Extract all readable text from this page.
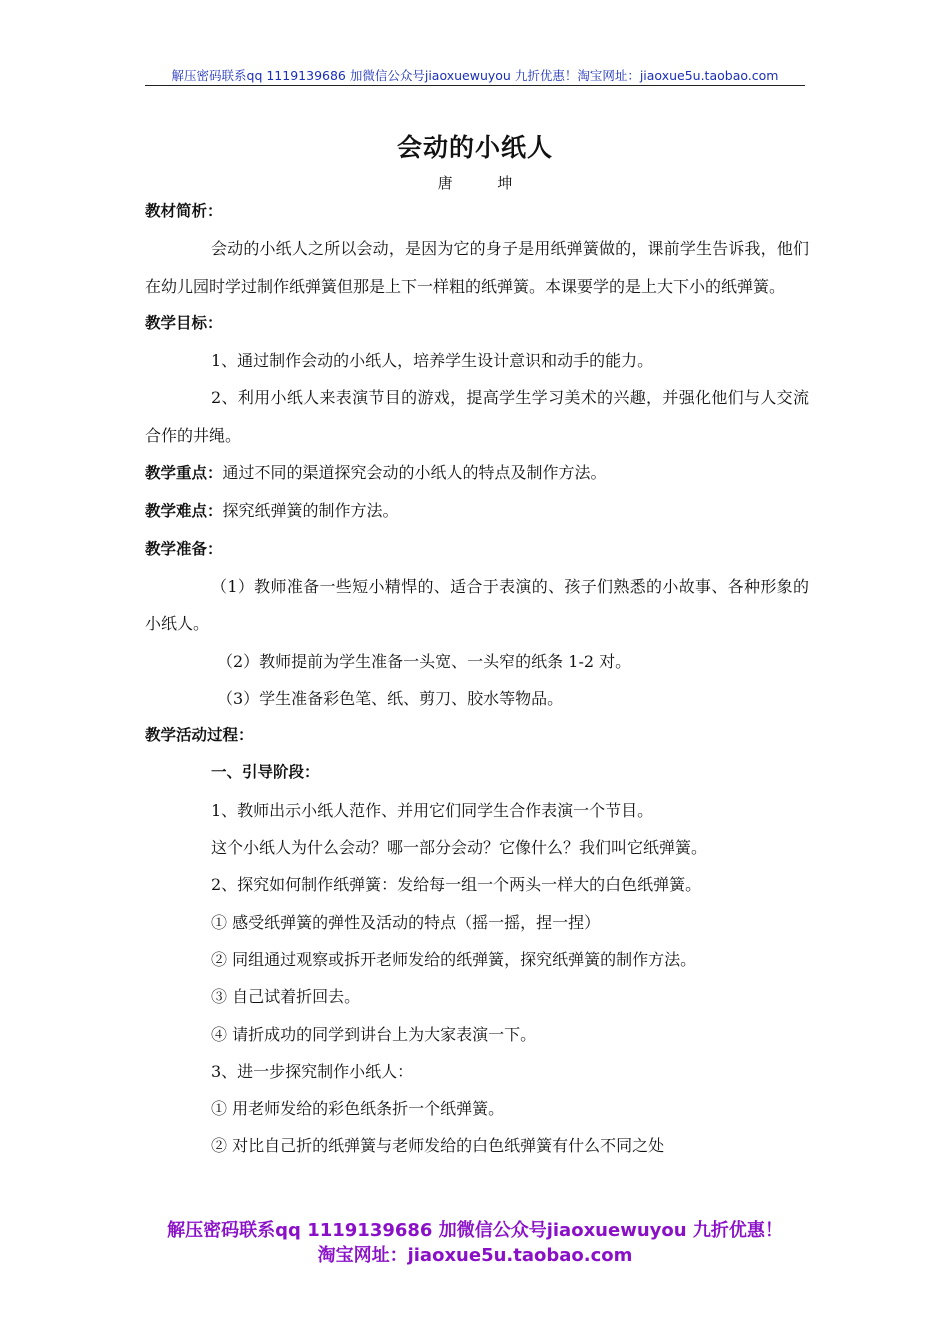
解压密码联系qq 1119139686 加微信公众号jiaoxuewuyou 九折优惠！淘宝网址：jiaoxue5u.taobao.com
会动的小纸人
唐 坤

教材简析：

会动的小纸人之所以会动，是因为它的身子是用纸弹簧做的，课前学生告诉我，他们在幼儿园时学过制作纸弹簧但那是上下一样粗的纸弹簧。本课要学的是上大下小的纸弹簧。

教学目标：

1、通过制作会动的小纸人，培养学生设计意识和动手的能力。

2、利用小纸人来表演节目的游戏，提高学生学习美术的兴趣，并强化他们与人交流合作的井绳。

教学重点：通过不同的渠道探究会动的小纸人的特点及制作方法。

教学难点：探究纸弹簧的制作方法。

教学准备：

（1）教师准备一些短小精悍的、适合于表演的、孩子们熟悉的小故事、各种形象的小纸人。

（2）教师提前为学生准备一头宽、一头窄的纸条 1-2 对。

（3）学生准备彩色笔、纸、剪刀、胶水等物品。

教学活动过程：

一、引导阶段：

1、教师出示小纸人范作、并用它们同学生合作表演一个节目。

这个小纸人为什么会动？哪一部分会动？它像什么？我们叫它纸弹簧。

2、探究如何制作纸弹簧：发给每一组一个两头一样大的白色纸弹簧。

① 感受纸弹簧的弹性及活动的特点（摇一摇，捏一捏）

② 同组通过观察或拆开老师发给的纸弹簧，探究纸弹簧的制作方法。

③ 自己试着折回去。

④ 请折成功的同学到讲台上为大家表演一下。

3、进一步探究制作小纸人：

① 用老师发给的彩色纸条折一个纸弹簧。

② 对比自己折的纸弹簧与老师发给的白色纸弹簧有什么不同之处

解压密码联系qq 1119139686 加微信公众号jiaoxuewuyou 九折优惠！
淘宝网址：jiaoxue5u.taobao.com
